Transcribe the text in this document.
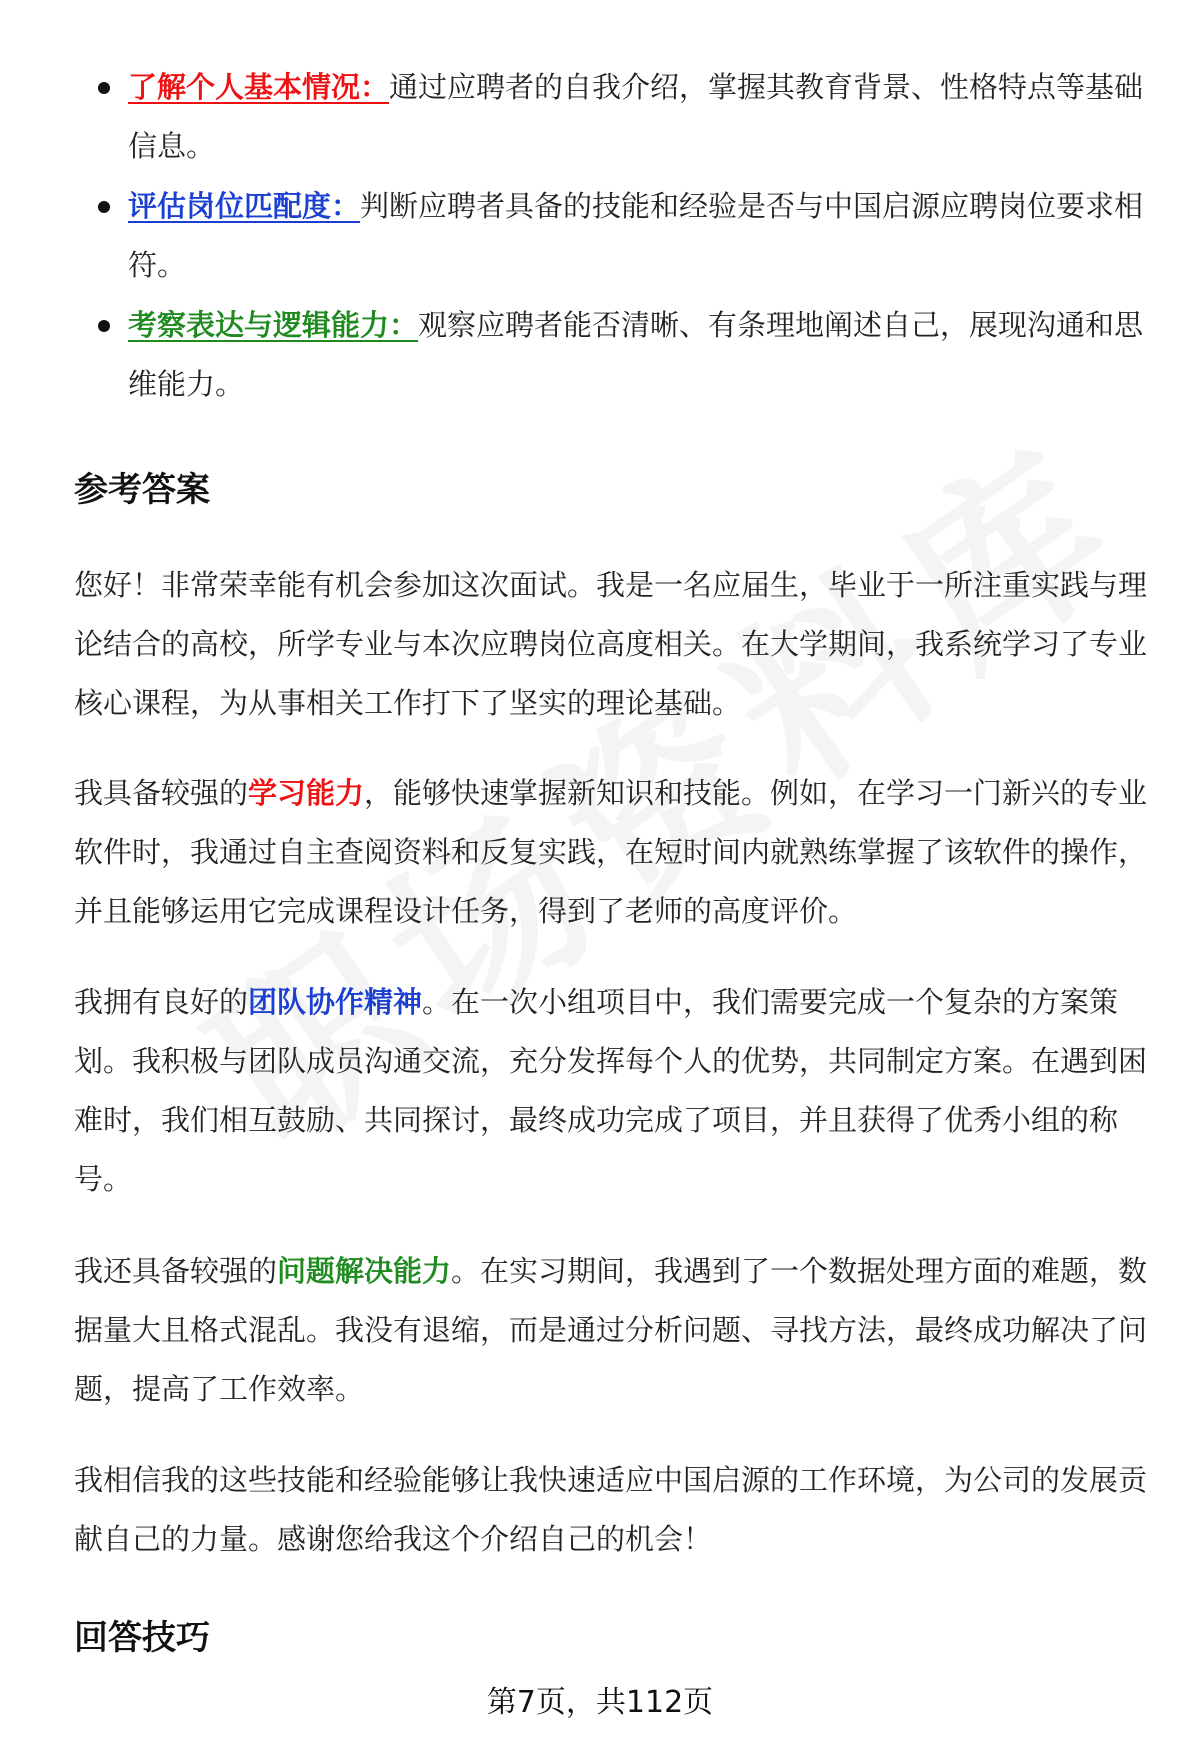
了解个人基本情况：通过应聘者的自我介绍，掌握其教育背景、性格特点等基础信息。
评估岗位匹配度：判断应聘者具备的技能和经验是否与中国启源应聘岗位要求相符。
考察表达与逻辑能力：观察应聘者能否清晰、有条理地阐述自己，展现沟通和思维能力。
参考答案

您好！非常荣幸能有机会参加这次面试。我是一名应届生，毕业于一所注重实践与理论结合的高校，所学专业与本次应聘岗位高度相关。在大学期间，我系统学习了专业核心课程，为从事相关工作打下了坚实的理论基础。

我具备较强的学习能力，能够快速掌握新知识和技能。例如，在学习一门新兴的专业软件时，我通过自主查阅资料和反复实践，在短时间内就熟练掌握了该软件的操作，并且能够运用它完成课程设计任务，得到了老师的高度评价。

我拥有良好的团队协作精神。在一次小组项目中，我们需要完成一个复杂的方案策划。我积极与团队成员沟通交流，充分发挥每个人的优势，共同制定方案。在遇到困难时，我们相互鼓励、共同探讨，最终成功完成了项目，并且获得了优秀小组的称号。

我还具备较强的问题解决能力。在实习期间，我遇到了一个数据处理方面的难题，数据量大且格式混乱。我没有退缩，而是通过分析问题、寻找方法，最终成功解决了问题，提高了工作效率。

我相信我的这些技能和经验能够让我快速适应中国启源的工作环境，为公司的发展贡献自己的力量。感谢您给我这个介绍自己的机会！

回答技巧
第7页，共112页
